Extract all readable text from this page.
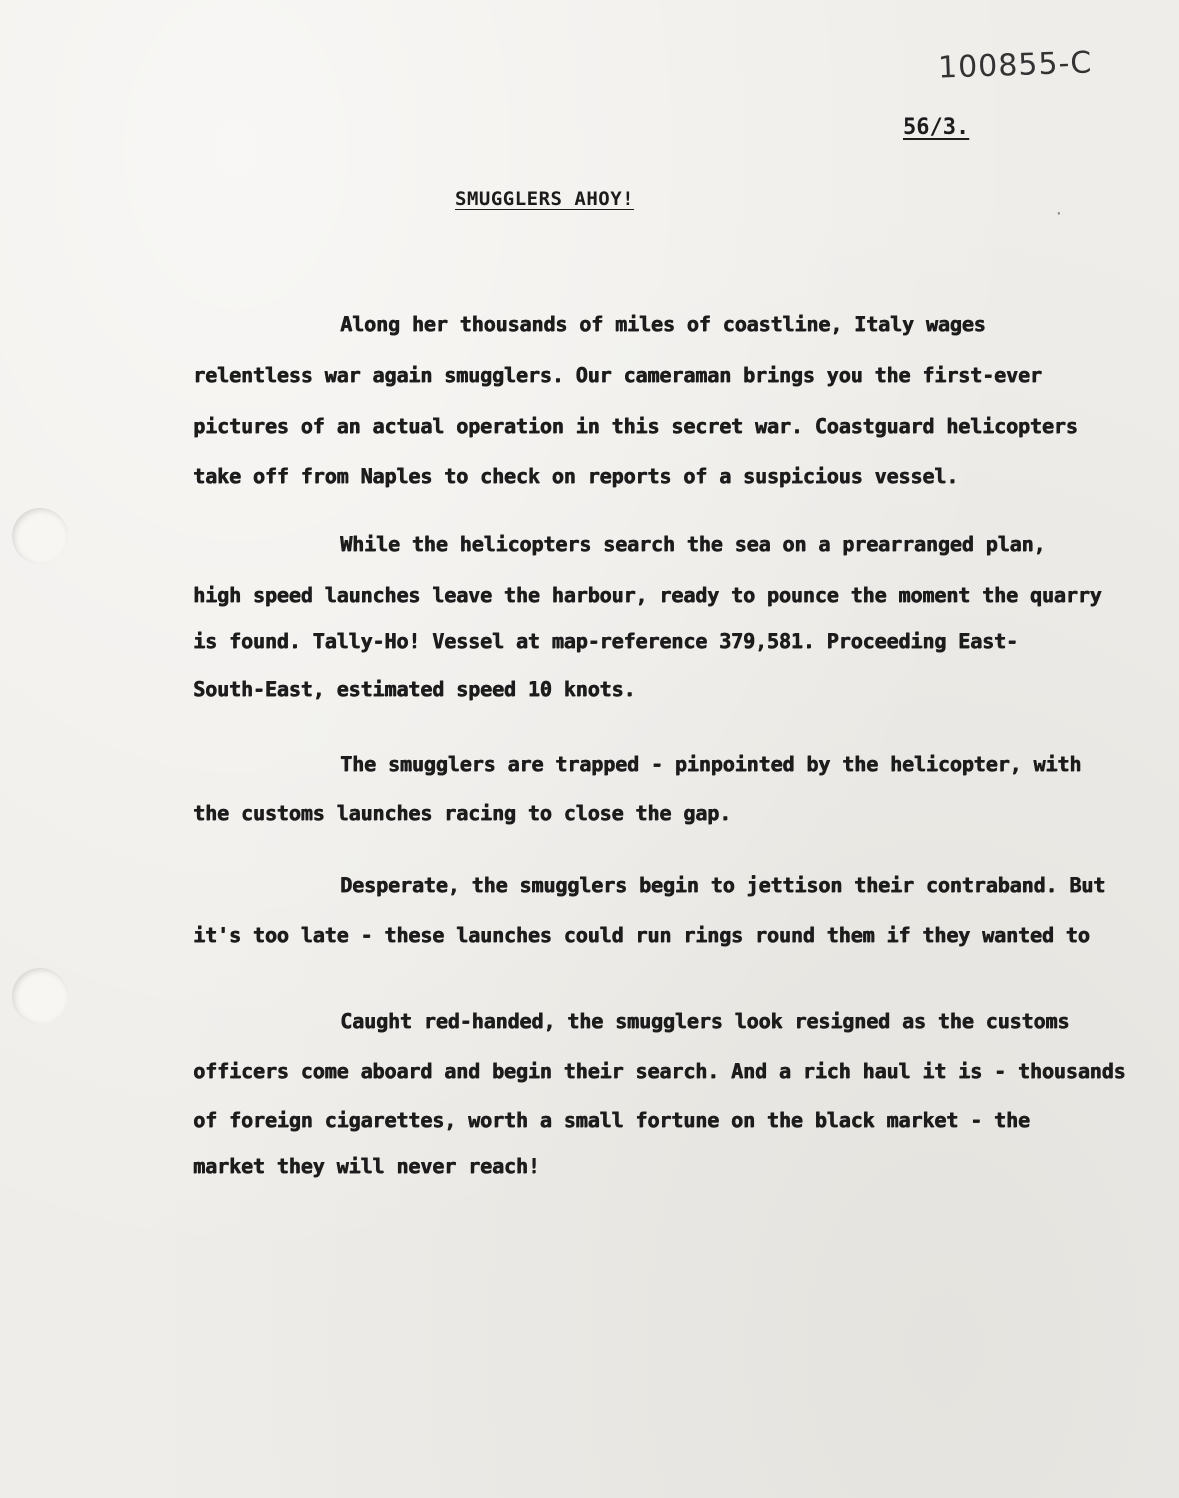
100855-C
56/3.
SMUGGLERS AHOY!
Along her thousands of miles of coastline, Italy wages
relentless war again smugglers. Our cameraman brings you the first-ever
pictures of an actual operation in this secret war. Coastguard helicopters
take off from Naples to check on reports of a suspicious vessel.
While the helicopters search the sea on a prearranged plan,
high speed launches leave the harbour, ready to pounce the moment the quarry
is found. Tally-Ho! Vessel at map-reference 379,581. Proceeding East-
South-East, estimated speed 10 knots.
The smugglers are trapped - pinpointed by the helicopter, with
the customs launches racing to close the gap.
Desperate, the smugglers begin to jettison their contraband. But
it's too late - these launches could run rings round them if they wanted to
Caught red-handed, the smugglers look resigned as the customs
officers come aboard and begin their search. And a rich haul it is - thousands
of foreign cigarettes, worth a small fortune on the black market - the
market they will never reach!
·
